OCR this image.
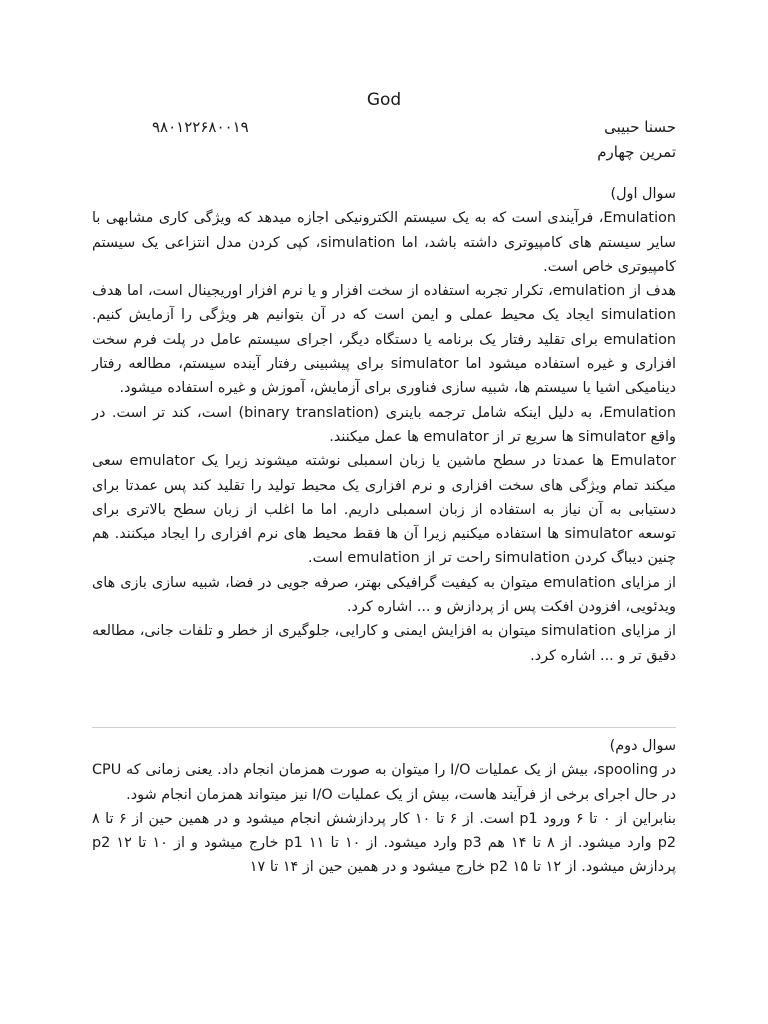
God
حسنا حبیبی
۹۸۰۱۲۲۶۸۰۰۱۹
تمرین چهارم

سوال اول)

Emulation، فرآیندی است که به یک سیستم الکترونیکی اجازه میدهد که ویژگی کاری مشابهی با سایر سیستم های کامپیوتری داشته باشد، اما simulation، کپی کردن مدل انتزاعی یک سیستم کامپیوتری خاص است.

هدف از emulation، تکرار تجربه استفاده از سخت افزار و یا نرم افزار اوریجینال است، اما هدف simulation ایجاد یک محیط عملی و ایمن است که در آن بتوانیم هر ویژگی را آزمایش کنیم. emulation برای تقلید رفتار یک برنامه یا دستگاه دیگر، اجرای سیستم عامل در پلت فرم سخت افزاری و غیره استفاده میشود اما simulator برای پیشبینی رفتار آینده سیستم، مطالعه رفتار دینامیکی اشیا یا سیستم ها، شبیه سازی فناوری برای آزمایش، آموزش و غیره استفاده میشود.

Emulation، به دلیل اینکه شامل ترجمه باینری (binary translation) است، کند تر است. در واقع simulator ها سریع تر از emulator ها عمل میکنند.

Emulator ها عمدتا در سطح ماشین یا زبان اسمبلی نوشته میشوند زیرا یک emulator سعی میکند تمام ویژگی های سخت افزاری و نرم افزاری یک محیط تولید را تقلید کند پس عمدتا برای دستیابی به آن نیاز به استفاده از زبان اسمبلی داریم. اما ما اغلب از زبان سطح بالاتری برای توسعه simulator ها استفاده میکنیم زیرا آن ها فقط محیط های نرم افزاری را ایجاد میکنند. هم چنین دیباگ کردن simulation راحت تر از emulation است.

از مزایای emulation میتوان به کیفیت گرافیکی بهتر، صرفه جویی در فضا، شبیه سازی بازی های ویدئویی، افزودن افکت پس از پردازش و ... اشاره کرد.

از مزایای simulation میتوان به افزایش ایمنی و کارایی، جلوگیری از خطر و تلفات جانی، مطالعه دقیق تر و ... اشاره کرد.

سوال دوم)

در spooling، بیش از یک عملیات I/O را میتوان به صورت همزمان انجام داد. یعنی زمانی که CPU در حال اجرای برخی از فرآیند هاست، بیش از یک عملیات I/O نیز میتواند همزمان انجام شود.

بنابراین از ۰ تا ۶ ورود p1 است. از ۶ تا ۱۰ کار پردازشش انجام میشود و در همین حین از ۶ تا ۸ p2 وارد میشود. از ۸ تا ۱۴ هم p3 وارد میشود. از ۱۰ تا ۱۱ p1 خارج میشود و از ۱۰ تا ۱۲ p2 پردازش میشود. از ۱۲ تا ۱۵ p2 خارج میشود و در همین حین از ۱۴ تا ۱۷
